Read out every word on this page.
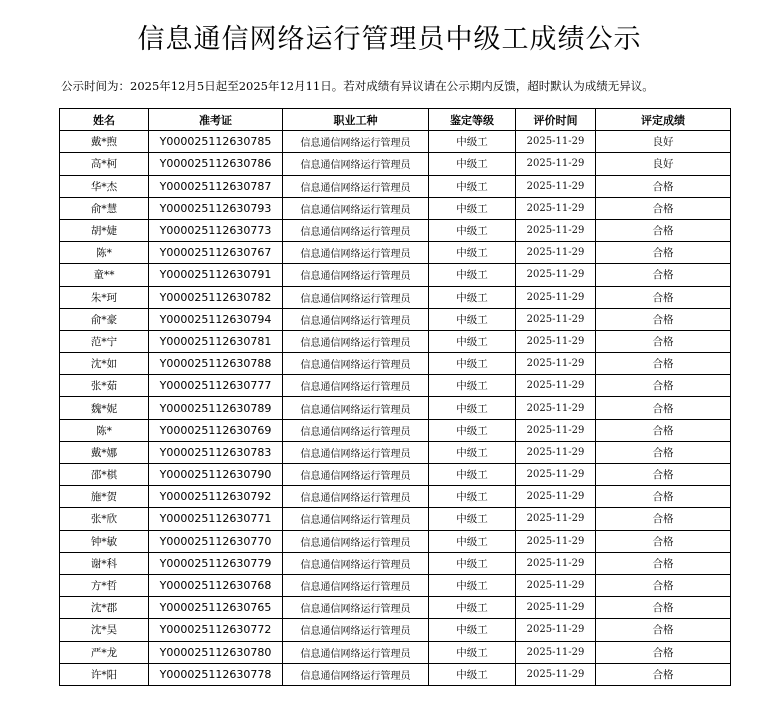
信息通信网络运行管理员中级工成绩公示
公示时间为：2025年12月5日起至2025年12月11日。若对成绩有异议请在公示期内反馈，超时默认为成绩无异议。
姓名	准考证	职业工种	鉴定等级	评价时间	评定成绩
戴*煦	Y000025112630785	信息通信网络运行管理员	中级工	2025-11-29	良好
高*柯	Y000025112630786	信息通信网络运行管理员	中级工	2025-11-29	良好
华*杰	Y000025112630787	信息通信网络运行管理员	中级工	2025-11-29	合格
俞*慧	Y000025112630793	信息通信网络运行管理员	中级工	2025-11-29	合格
胡*婕	Y000025112630773	信息通信网络运行管理员	中级工	2025-11-29	合格
陈*	Y000025112630767	信息通信网络运行管理员	中级工	2025-11-29	合格
童**	Y000025112630791	信息通信网络运行管理员	中级工	2025-11-29	合格
朱*珂	Y000025112630782	信息通信网络运行管理员	中级工	2025-11-29	合格
俞*豪	Y000025112630794	信息通信网络运行管理员	中级工	2025-11-29	合格
范*宁	Y000025112630781	信息通信网络运行管理员	中级工	2025-11-29	合格
沈*如	Y000025112630788	信息通信网络运行管理员	中级工	2025-11-29	合格
张*茹	Y000025112630777	信息通信网络运行管理员	中级工	2025-11-29	合格
魏*妮	Y000025112630789	信息通信网络运行管理员	中级工	2025-11-29	合格
陈*	Y000025112630769	信息通信网络运行管理员	中级工	2025-11-29	合格
戴*娜	Y000025112630783	信息通信网络运行管理员	中级工	2025-11-29	合格
邵*棋	Y000025112630790	信息通信网络运行管理员	中级工	2025-11-29	合格
施*贺	Y000025112630792	信息通信网络运行管理员	中级工	2025-11-29	合格
张*欣	Y000025112630771	信息通信网络运行管理员	中级工	2025-11-29	合格
钟*敏	Y000025112630770	信息通信网络运行管理员	中级工	2025-11-29	合格
谢*科	Y000025112630779	信息通信网络运行管理员	中级工	2025-11-29	合格
方*哲	Y000025112630768	信息通信网络运行管理员	中级工	2025-11-29	合格
沈*郡	Y000025112630765	信息通信网络运行管理员	中级工	2025-11-29	合格
沈*昊	Y000025112630772	信息通信网络运行管理员	中级工	2025-11-29	合格
严*龙	Y000025112630780	信息通信网络运行管理员	中级工	2025-11-29	合格
许*阳	Y000025112630778	信息通信网络运行管理员	中级工	2025-11-29	合格
